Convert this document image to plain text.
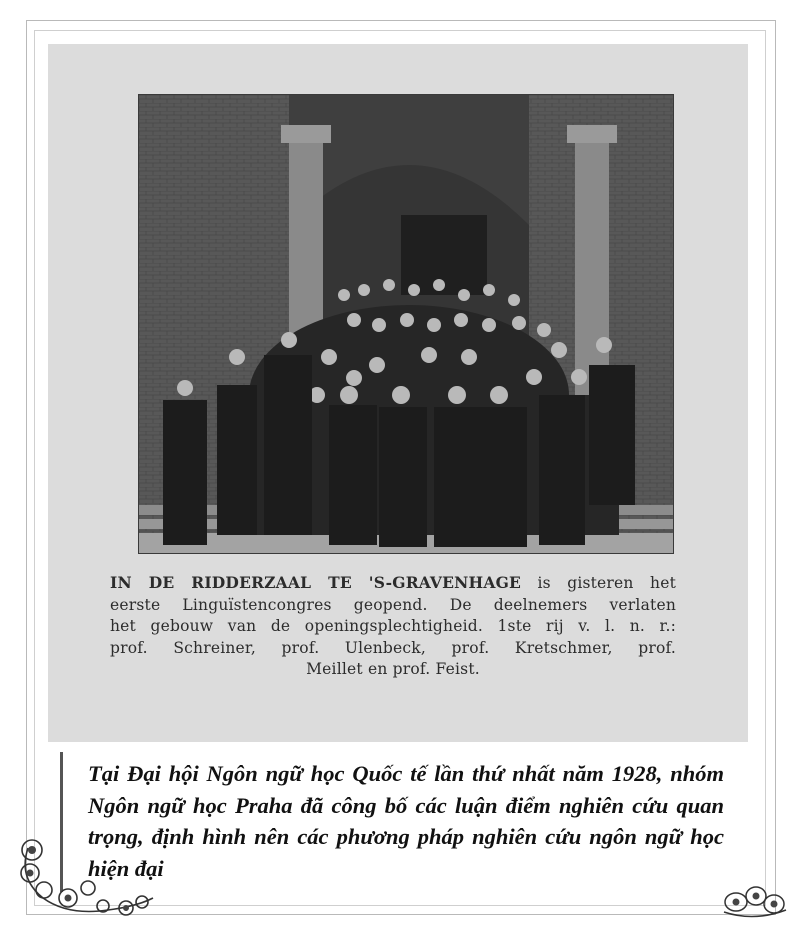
IN DE RIDDERZAAL TE 'S-GRAVENHAGE is gisteren het
eerste Linguïstencongres geopend. De deelnemers verlaten
het gebouw van de openingsplechtigheid. 1ste rij v. l. n. r.:
prof. Schreiner, prof. Ulenbeck, prof. Kretschmer, prof.
Meillet en prof. Feist.
Tại Đại hội Ngôn ngữ học Quốc tế lần thứ nhất năm 1928, nhóm Ngôn ngữ học Praha đã công bố các luận điểm nghiên cứu quan trọng, định hình nên các phương pháp nghiên cứu ngôn ngữ học hiện đại
